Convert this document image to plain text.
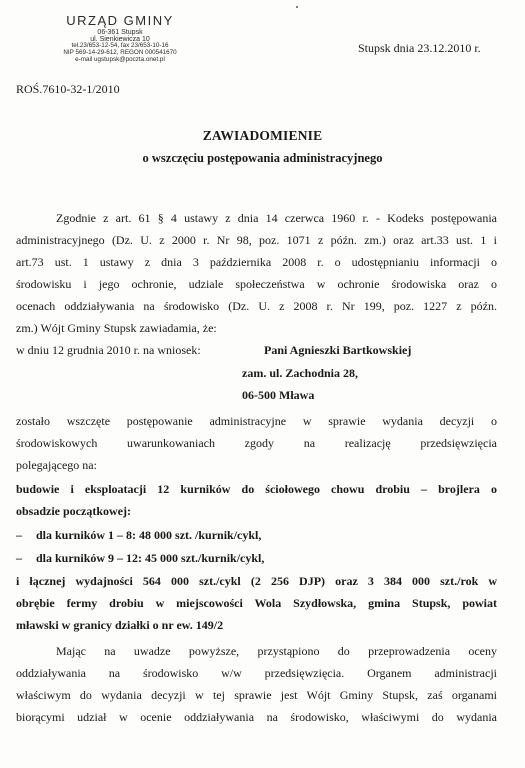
URZĄD GMINY
06-361 Stupsk
ul. Sienkiewicza 10
tel.23/653-12-54, fax 23/653-10-16
NIP 569-14-29-612, REGON 000541670
e-mail ugstupsk@poczta.onet.pl
Stupsk dnia 23.12.2010 r.
ROŚ.7610-32-1/2010
ZAWIADOMIENIE
o wszczęciu postępowania administracyjnego
Zgodnie z art. 61 § 4 ustawy z dnia 14 czerwca 1960 r. - Kodeks postępowania
administracyjnego (Dz. U. z 2000 r. Nr 98, poz. 1071 z późn. zm.) oraz art.33 ust. 1 i
art.73 ust. 1 ustawy z dnia 3 października 2008 r. o udostępnianiu informacji o
środowisku i jego ochronie, udziale społeczeństwa w ochronie środowiska oraz o
ocenach oddziaływania na środowisko (Dz. U. z 2008 r. Nr 199, poz. 1227 z późn.
zm.) Wójt Gminy Stupsk zawiadamia, że:
w dniu 12 grudnia 2010 r. na wniosek:	Pani Agnieszki Bartkowskiej
zam. ul. Zachodnia 28,
06-500 Mława
zostało wszczęte postępowanie administracyjne w sprawie wydania decyzji o
środowiskowych uwarunkowaniach zgody na realizację przedsięwzięcia
polegającego na:
budowie i eksploatacji 12 kurników do ściołowego chowu drobiu – brojlera o
obsadzie początkowej:
– dla kurników 1 – 8: 48 000 szt. /kurnik/cykl,
– dla kurników 9 – 12: 45 000 szt./kurnik/cykl,
i łącznej wydajności 564 000 szt./cykl (2 256 DJP) oraz 3 384 000 szt./rok w
obrębie fermy drobiu w miejscowości Wola Szydłowska, gmina Stupsk, powiat
mławski w granicy działki o nr ew. 149/2
Mając na uwadze powyższe, przystąpiono do przeprowadzenia oceny
oddziaływania na środowisko w/w przedsięwzięcia. Organem administracji
właściwym do wydania decyzji w tej sprawie jest Wójt Gminy Stupsk, zaś organami
biorącymi udział w ocenie oddziaływania na środowisko, właściwymi do wydania
